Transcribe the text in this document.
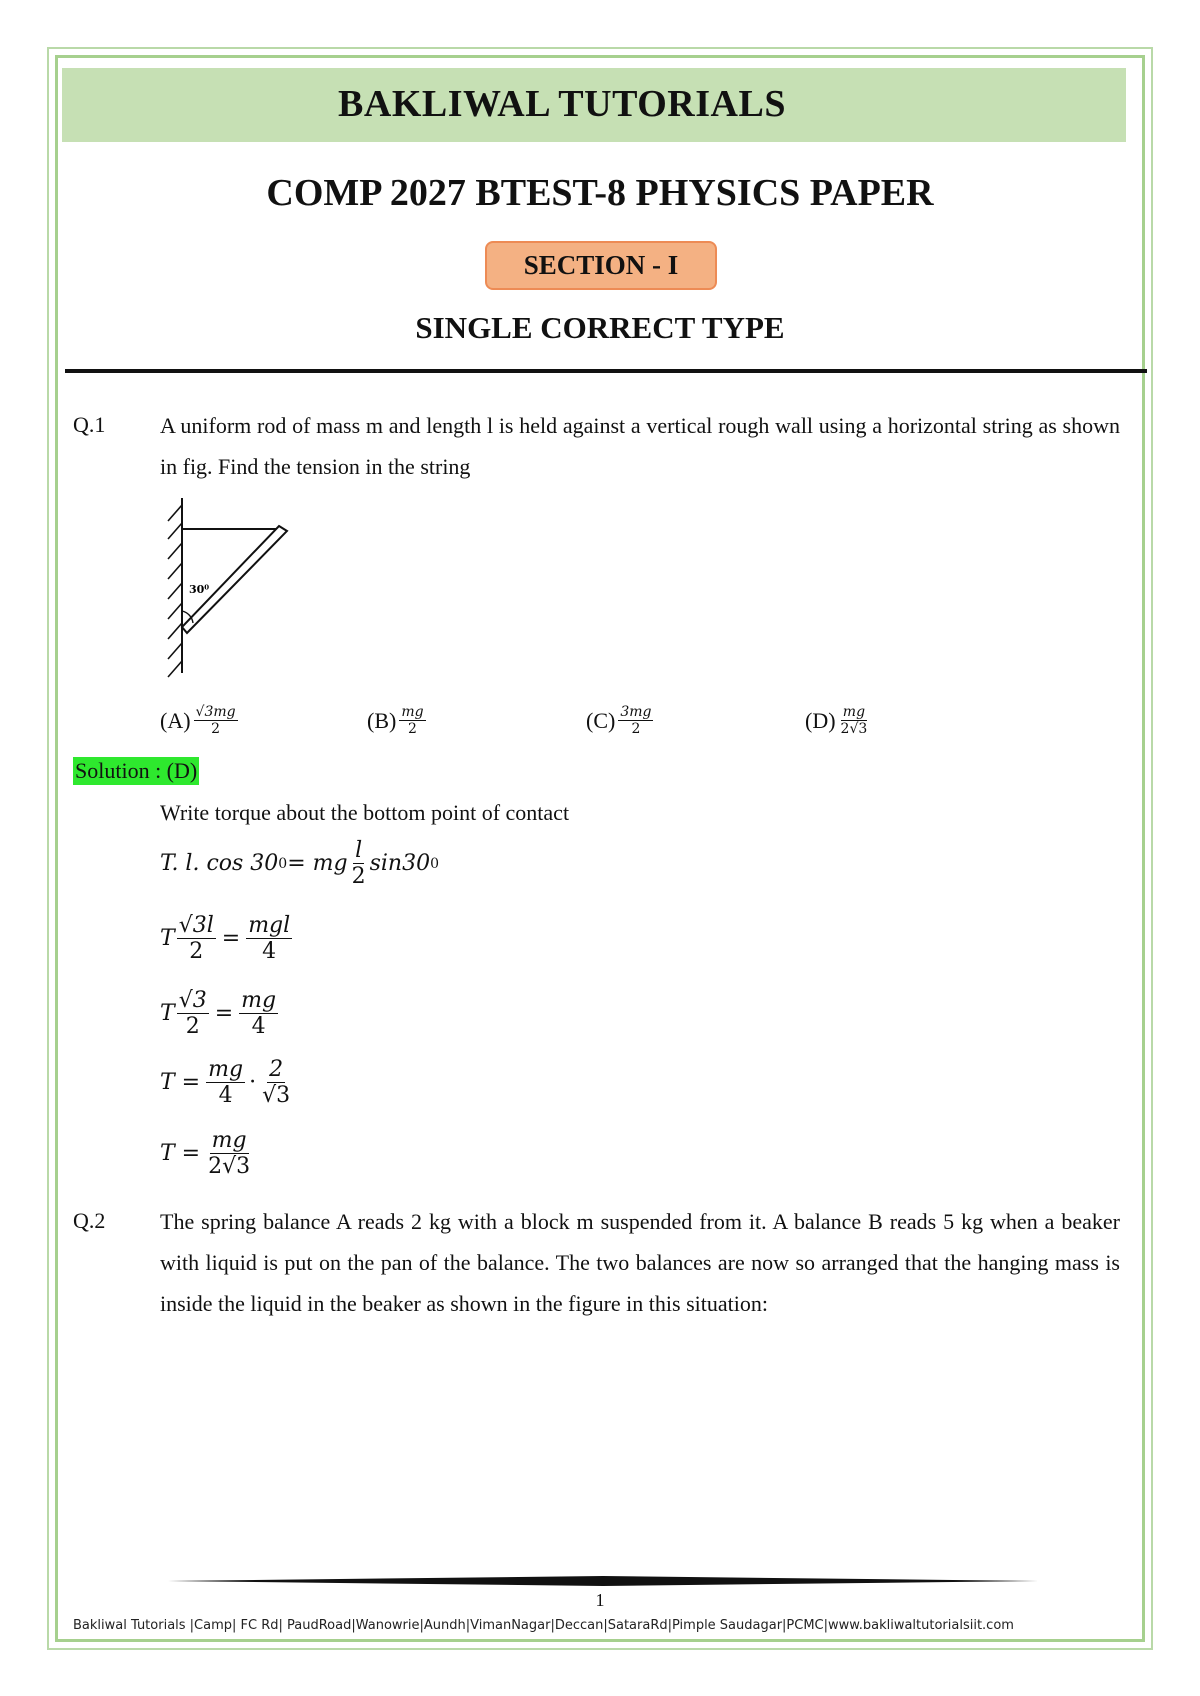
BAKLIWAL TUTORIALS
COMP 2027 BTEST-8 PHYSICS PAPER
SECTION - I
SINGLE CORRECT TYPE
Q.1 A uniform rod of mass m and length l is held against a vertical rough wall using a horizontal string as shown in fig. Find the tension in the string
30⁰
$(A) \frac{√3mg}{2}$	$(B) \frac{mg}{2}$	$(C) \frac{3mg}{2}$	$(D) \frac{mg}{2√3}$
Solution : (D)
Write torque about the bottom point of contact
T. l. cos 30 0 = mg $\frac{l}{2} \sin 30$ 0
T $\frac{√3l}{2} = \frac{\text{mgl}}{4}$
T $\frac{√3}{2} = \frac{mg}{4}$
$T = \frac{mg}{4} \cdot \frac{2}{√3}$
$T = \frac{mg}{2√3}$
Q.2 The spring balance A reads 2 kg with a block m suspended from it. A balance B reads 5 kg when a beaker with liquid is put on the pan of the balance. The two balances are now so arranged that the hanging mass is inside the liquid in the beaker as shown in the figure in this situation:
1
Bakliwal Tutorials |Camp| FC Rd| PaudRoad|Wanowrie|Aundh|VimanNagar|Deccan|SataraRd|Pimple Saudagar|PCMC|www.bakliwaltutorialsiit.com
